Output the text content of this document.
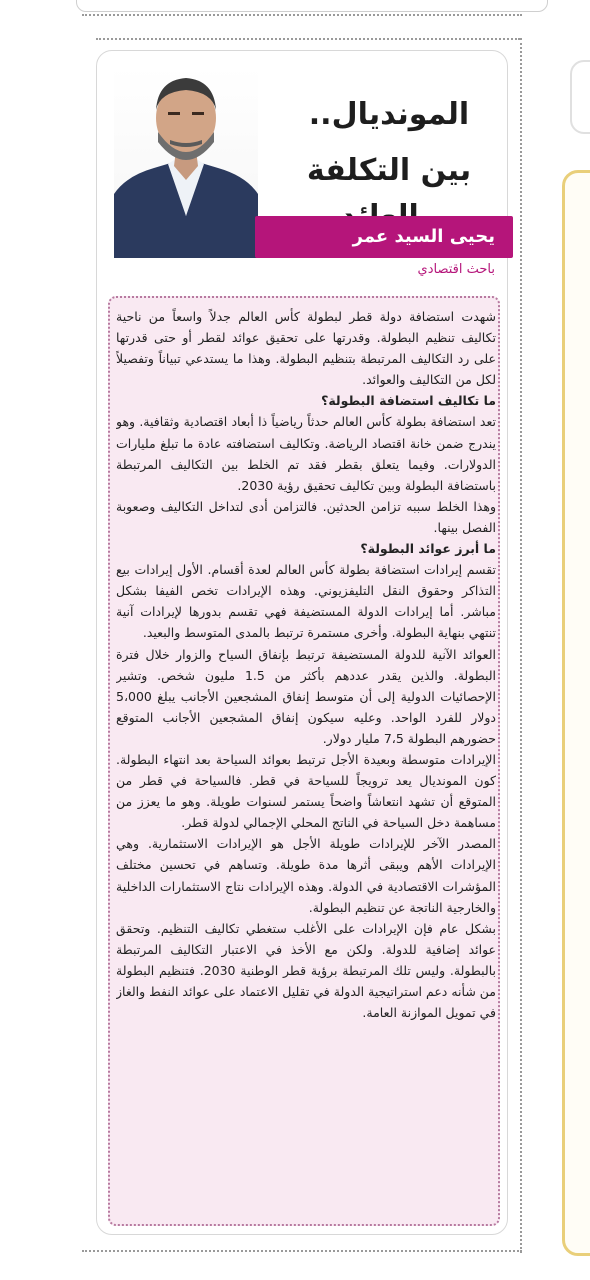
المونديال..
بين التكلفة
يحيى السيد عمر
باحث اقتصادي

شهدت استضافة دولة قطر لبطولة كأس العالم جدلاً واسعاً من ناحية تكاليف تنظيم البطولة. وقدرتها على تحقيق عوائد لقطر أو حتى قدرتها على رد التكاليف المرتبطة بتنظيم البطولة. وهذا ما يستدعي تبياناً وتفصيلاً لكل من التكاليف والعوائد.

ما تكاليف استضافة البطولة؟

تعد استضافة بطولة كأس العالم حدثاً رياضياً ذا أبعاد اقتصادية وثقافية. وهو يندرج ضمن خانة اقتصاد الرياضة. وتكاليف استضافته عادة ما تبلغ مليارات الدولارات. وفيما يتعلق بقطر فقد تم الخلط بين التكاليف المرتبطة باستضافة البطولة وبين تكاليف تحقيق رؤية 2030.

وهذا الخلط سببه تزامن الحدثين. فالتزامن أدى لتداخل التكاليف وصعوبة الفصل بينها.

ما أبرز عوائد البطولة؟

تقسم إيرادات استضافة بطولة كأس العالم لعدة أقسام. الأول إيرادات بيع التذاكر وحقوق النقل التليفزيوني. وهذه الإيرادات تخص الفيفا بشكل مباشر. أما إيرادات الدولة المستضيفة فهي تقسم بدورها لإيرادات آنية تنتهي بنهاية البطولة. وأخرى مستمرة ترتبط بالمدى المتوسط والبعيد.

العوائد الآنية للدولة المستضيفة ترتبط بإنفاق السياح والزوار خلال فترة البطولة. والذين يقدر عددهم بأكثر من 1.5 مليون شخص. وتشير الإحصائيات الدولية إلى أن متوسط إنفاق المشجعين الأجانب يبلغ 5،000 دولار للفرد الواحد. وعليه سيكون إنفاق المشجعين الأجانب المتوقع حضورهم البطولة 7،5 مليار دولار.

الإيرادات متوسطة وبعيدة الأجل ترتبط بعوائد السياحة بعد انتهاء البطولة. كون المونديال يعد ترويجاً للسياحة في قطر. فالسياحة في قطر من المتوقع أن تشهد انتعاشاً واضحاً يستمر لسنوات طويلة. وهو ما يعزز من مساهمة دخل السياحة في الناتج المحلي الإجمالي لدولة قطر.

المصدر الآخر للإيرادات طويلة الأجل هو الإيرادات الاستثمارية. وهي الإيرادات الأهم ويبقى أثرها مدة طويلة. وتساهم في تحسين مختلف المؤشرات الاقتصادية في الدولة. وهذه الإيرادات نتاج الاستثمارات الداخلية والخارجية الناتجة عن تنظيم البطولة.

بشكل عام فإن الإيرادات على الأغلب ستغطي تكاليف التنظيم. وتحقق عوائد إضافية للدولة. ولكن مع الأخذ في الاعتبار التكاليف المرتبطة بالبطولة. وليس تلك المرتبطة برؤية قطر الوطنية 2030. فتنظيم البطولة من شأنه دعم استراتيجية الدولة في تقليل الاعتماد على عوائد النفط والغاز في تمويل الموازنة العامة.
